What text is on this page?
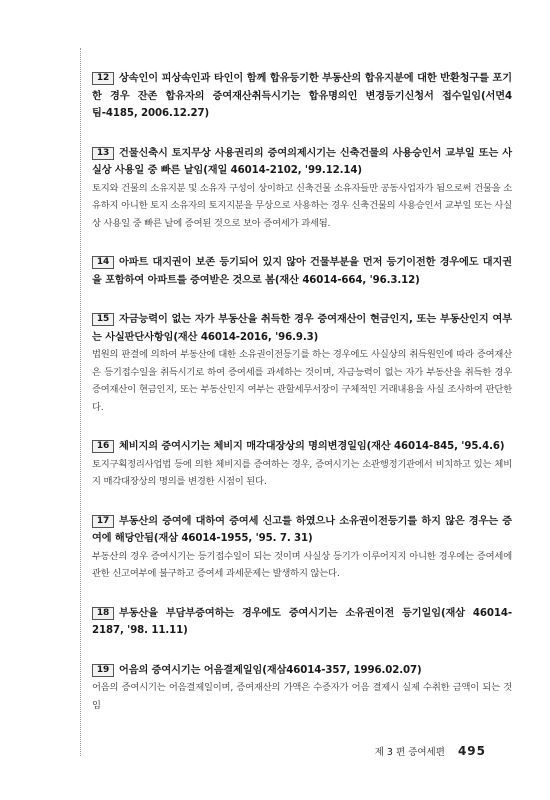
12 상속인이 피상속인과 타인이 함께 합유등기한 부동산의 합유지분에 대한 반환청구를 포기한 경우 잔존 합유자의 증여재산취득시기는 합유명의인 변경등기신청서 접수일임(서면4팀-4185, 2006.12.27)
13 건물신축시 토지무상 사용권리의 증여의제시기는 신축건물의 사용승인서 교부일 또는 사실상 사용일 중 빠른 날임(재일 46014-2102, '99.12.14)
토지와 건물의 소유지분 및 소유자 구성이 상이하고 신축건물 소유자들만 공동사업자가 됨으로써 건물을 소유하지 아니한 토지 소유자의 토지지분을 무상으로 사용하는 경우 신축건물의 사용승인서 교부일 또는 사실상 사용일 중 빠른 날에 증여된 것으로 보아 증여세가 과세됨.
14 아파트 대지권이 보존 등기되어 있지 않아 건물부분을 먼저 등기이전한 경우에도 대지권을 포함하여 아파트를 증여받은 것으로 봄(재산 46014-664, '96.3.12)
15 자금능력이 없는 자가 부동산을 취득한 경우 증여재산이 현금인지, 또는 부동산인지 여부는 사실판단사항임(재산 46014-2016, '96.9.3)
법원의 판결에 의하여 부동산에 대한 소유권이전등기를 하는 경우에도 사실상의 취득원인에 따라 증여재산은 등기접수일을 취득시기로 하여 증여세를 과세하는 것이며, 자금능력이 없는 자가 부동산을 취득한 경우 증여재산이 현금인지, 또는 부동산인지 여부는 관할세무서장이 구체적인 거래내용을 사실 조사하여 판단한다.
16 체비지의 증여시기는 체비지 매각대장상의 명의변경일임(재산 46014-845, '95.4.6)
토지구획정리사업법 등에 의한 체비지를 증여하는 경우, 증여시기는 소관행정기관에서 비치하고 있는 체비지 매각대장상의 명의를 변경한 시점이 된다.
17 부동산의 증여에 대하여 증여세 신고를 하였으나 소유권이전등기를 하지 않은 경우는 증여에 해당안됨(재삼 46014-1955, '95. 7. 31)
부동산의 경우 증여시기는 등기접수일이 되는 것이며 사실상 등기가 이루어지지 아니한 경우에는 증여세에 관한 신고여부에 불구하고 증여세 과세문제는 발생하지 않는다.
18 부동산을 부담부증여하는 경우에도 증여시기는 소유권이전 등기일임(재삼 46014-2187, '98. 11.11)
19 어음의 증여시기는 어음결제일임(재삼46014-357, 1996.02.07)
어음의 증여시기는 어음결제일이며, 증여재산의 가액은 수증자가 어음 결제시 실제 수취한 금액이 되는 것임
제 3 편 증여세편 495
